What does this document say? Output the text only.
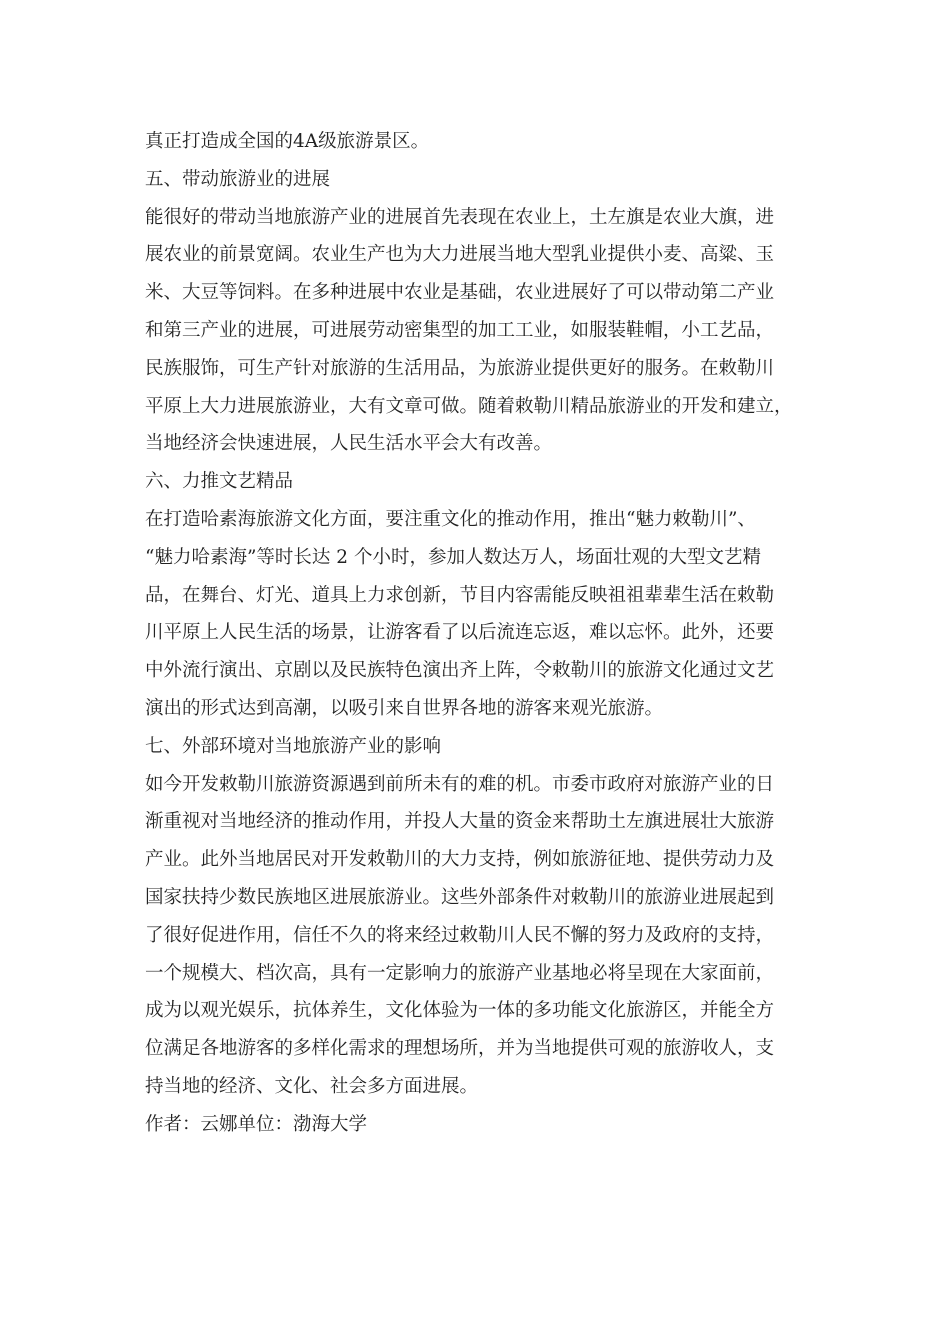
真正打造成全国的4A级旅游景区。
五、带动旅游业的进展
能很好的带动当地旅游产业的进展首先表现在农业上，土左旗是农业大旗，进
展农业的前景宽阔。农业生产也为大力进展当地大型乳业提供小麦、高粱、玉
米、大豆等饲料。在多种进展中农业是基础，农业进展好了可以带动第二产业
和第三产业的进展，可进展劳动密集型的加工工业，如服装鞋帽，小工艺品，
民族服饰，可生产针对旅游的生活用品，为旅游业提供更好的服务。在敕勒川
平原上大力进展旅游业，大有文章可做。随着敕勒川精品旅游业的开发和建立，
当地经济会快速进展，人民生活水平会大有改善。
六、力推文艺精品
在打造哈素海旅游文化方面，要注重文化的推动作用，推出“魅力敕勒川”、
“魅力哈素海”等时长达 2 个小时，参加人数达万人，场面壮观的大型文艺精
品，在舞台、灯光、道具上力求创新，节目内容需能反映祖祖辈辈生活在敕勒
川平原上人民生活的场景，让游客看了以后流连忘返，难以忘怀。此外，还要
中外流行演出、京剧以及民族特色演出齐上阵，令敕勒川的旅游文化通过文艺
演出的形式达到高潮，以吸引来自世界各地的游客来观光旅游。
七、外部环境对当地旅游产业的影响
如今开发敕勒川旅游资源遇到前所未有的难的机。市委市政府对旅游产业的日
渐重视对当地经济的推动作用，并投人大量的资金来帮助土左旗进展壮大旅游
产业。此外当地居民对开发敕勒川的大力支持，例如旅游征地、提供劳动力及
国家扶持少数民族地区进展旅游业。这些外部条件对敕勒川的旅游业进展起到
了很好促进作用，信任不久的将来经过敕勒川人民不懈的努力及政府的支持，
一个规模大、档次高，具有一定影响力的旅游产业基地必将呈现在大家面前，
成为以观光娱乐，抗体养生，文化体验为一体的多功能文化旅游区，并能全方
位满足各地游客的多样化需求的理想场所，并为当地提供可观的旅游收人，支
持当地的经济、文化、社会多方面进展。
作者：云娜单位：渤海大学
